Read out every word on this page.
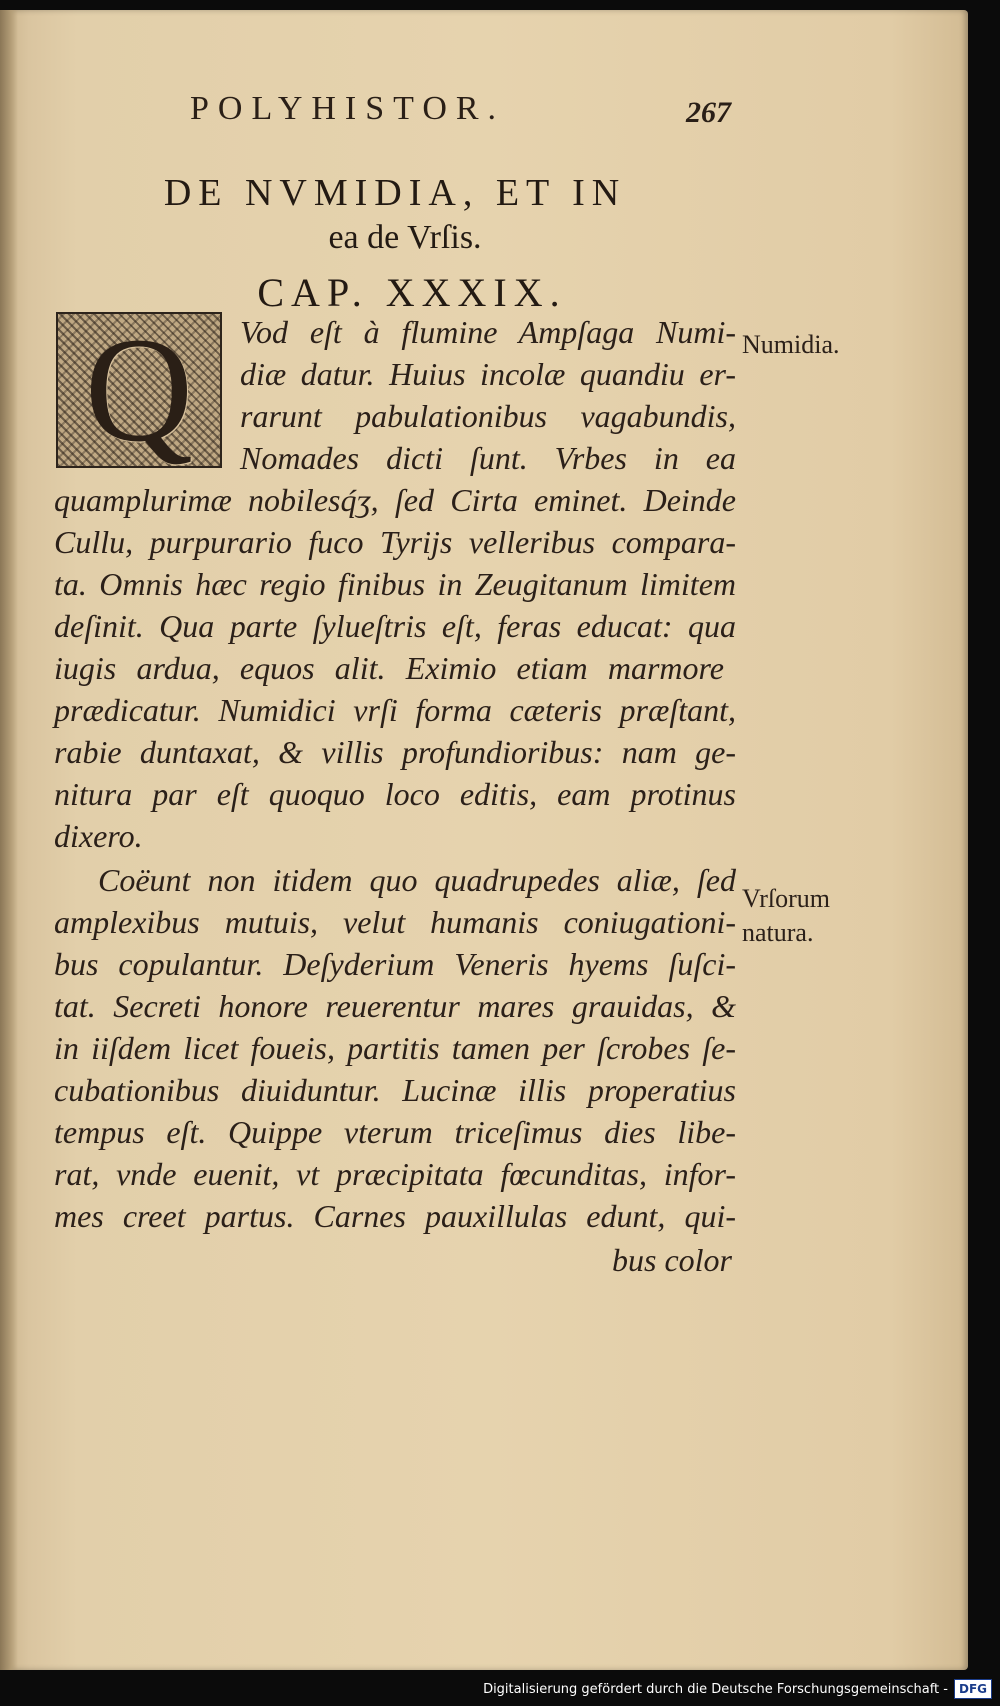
POLYHISTOR.	267
DE NVMIDIA, ET IN
ea de Vrſis.
CAP. XXXIX.
Q	Vod eſt à flumine Ampſaga Numi-
diæ datur. Huius incolæ quandiu er-
rarunt pabulationibus vagabundis,
Nomades dicti ſunt. Vrbes in ea
quamplurimæ nobilesq́ʒ, ſed Cirta eminet. Deinde
Cullu, purpurario fuco Tyrijs velleribus compara-
ta. Omnis hæc regio finibus in Zeugitanum limitem
deſinit. Qua parte ſylueſtris eſt, feras educat: qua
iugis ardua, equos alit. Eximio etiam marmore
prædicatur. Numidici vrſi forma cæteris præſtant,
rabie duntaxat, & villis profundioribus: nam ge-
nitura par eſt quoquo loco editis, eam protinus
dixero.
Coëunt non itidem quo quadrupedes aliæ, ſed
amplexibus mutuis, velut humanis coniugationi-
bus copulantur. Deſyderium Veneris hyems ſuſci-
tat. Secreti honore reuerentur mares grauidas, &
in iiſdem licet foueis, partitis tamen per ſcrobes ſe-
cubationibus diuiduntur. Lucinæ illis properatius
tempus eſt. Quippe vterum triceſimus dies libe-
rat, vnde euenit, vt præcipitata fœcunditas, infor-
mes creet partus. Carnes pauxillulas edunt, qui-
bus color
Numidia.
Vrſorum
natura.
Digitalisierung gefördert durch die Deutsche Forschungsgemeinschaft - DFG
